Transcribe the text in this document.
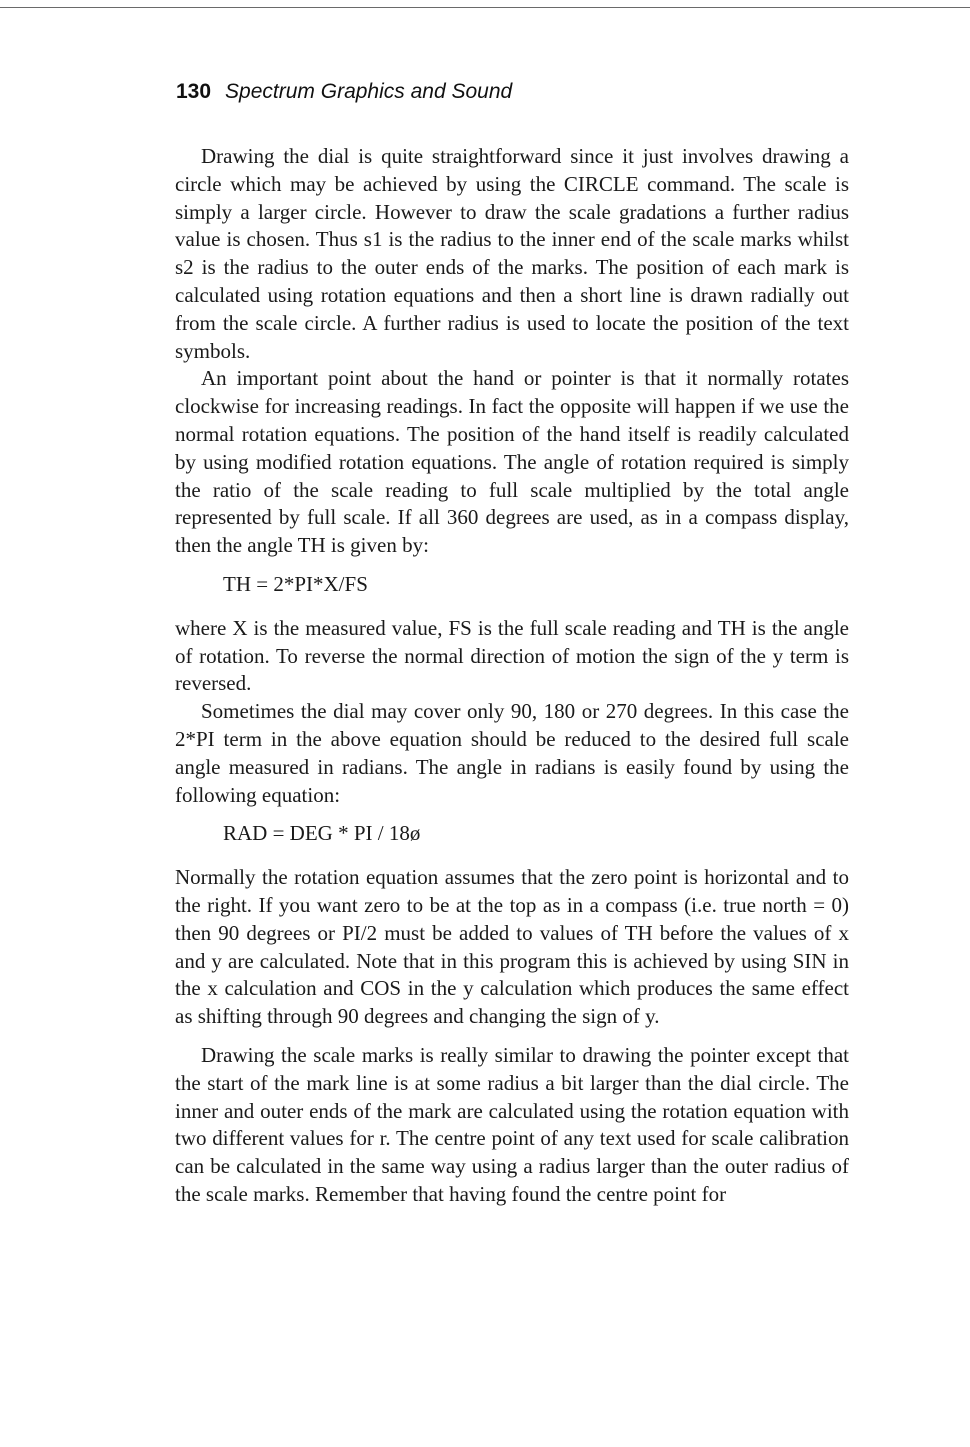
130 Spectrum Graphics and Sound

Drawing the dial is quite straightforward since it just involves drawing a circle which may be achieved by using the CIRCLE command. The scale is simply a larger circle. However to draw the scale gradations a further radius value is chosen. Thus s1 is the radius to the inner end of the scale marks whilst s2 is the radius to the outer ends of the marks. The position of each mark is calculated using rotation equations and then a short line is drawn radially out from the scale circle. A further radius is used to locate the position of the text symbols.

An important point about the hand or pointer is that it normally rotates clockwise for increasing readings. In fact the opposite will happen if we use the normal rotation equations. The position of the hand itself is readily calculated by using modified rotation equations. The angle of rotation required is simply the ratio of the scale reading to full scale multiplied by the total angle represented by full scale. If all 360 degrees are used, as in a compass display, then the angle TH is given by:

TH = 2*PI*X/FS

where X is the measured value, FS is the full scale reading and TH is the angle of rotation. To reverse the normal direction of motion the sign of the y term is reversed.

Sometimes the dial may cover only 90, 180 or 270 degrees. In this case the 2*PI term in the above equation should be reduced to the desired full scale angle measured in radians. The angle in radians is easily found by using the following equation:

RAD = DEG * PI / 18ø

Normally the rotation equation assumes that the zero point is horizontal and to the right. If you want zero to be at the top as in a compass (i.e. true north = 0) then 90 degrees or PI/2 must be added to values of TH before the values of x and y are calculated. Note that in this program this is achieved by using SIN in the x calculation and COS in the y calculation which produces the same effect as shifting through 90 degrees and changing the sign of y.

Drawing the scale marks is really similar to drawing the pointer except that the start of the mark line is at some radius a bit larger than the dial circle. The inner and outer ends of the mark are calculated using the rotation equation with two different values for r. The centre point of any text used for scale calibration can be calculated in the same way using a radius larger than the outer radius of the scale marks. Remember that having found the centre point for
